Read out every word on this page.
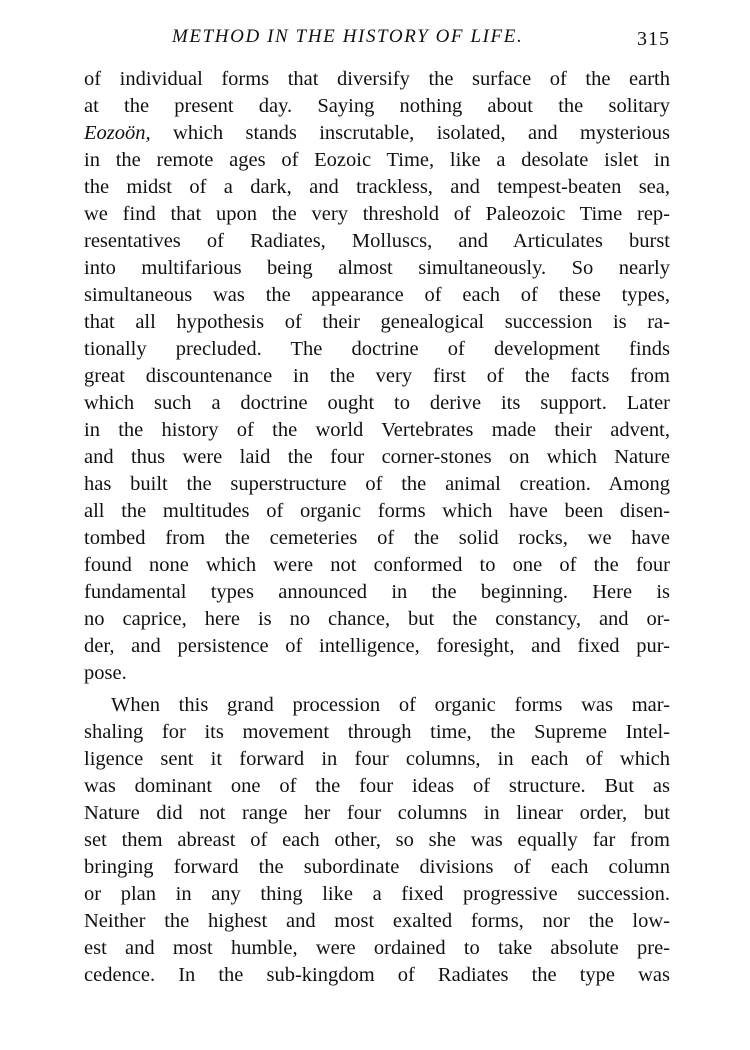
METHOD IN THE HISTORY OF LIFE.	315
of individual forms that diversify the surface of the earth
at the present day. Saying nothing about the solitary
Eozoön, which stands inscrutable, isolated, and mysterious
in the remote ages of Eozoic Time, like a desolate islet in
the midst of a dark, and trackless, and tempest-beaten sea,
we find that upon the very threshold of Paleozoic Time rep-
resentatives of Radiates, Molluscs, and Articulates burst
into multifarious being almost simultaneously. So nearly
simultaneous was the appearance of each of these types,
that all hypothesis of their genealogical succession is ra-
tionally precluded. The doctrine of development finds
great discountenance in the very first of the facts from
which such a doctrine ought to derive its support. Later
in the history of the world Vertebrates made their advent,
and thus were laid the four corner-stones on which Nature
has built the superstructure of the animal creation. Among
all the multitudes of organic forms which have been disen-
tombed from the cemeteries of the solid rocks, we have
found none which were not conformed to one of the four
fundamental types announced in the beginning. Here is
no caprice, here is no chance, but the constancy, and or-
der, and persistence of intelligence, foresight, and fixed pur-
pose.
When this grand procession of organic forms was mar-
shaling for its movement through time, the Supreme Intel-
ligence sent it forward in four columns, in each of which
was dominant one of the four ideas of structure. But as
Nature did not range her four columns in linear order, but
set them abreast of each other, so she was equally far from
bringing forward the subordinate divisions of each column
or plan in any thing like a fixed progressive succession.
Neither the highest and most exalted forms, nor the low-
est and most humble, were ordained to take absolute pre-
cedence. In the sub-kingdom of Radiates the type was
